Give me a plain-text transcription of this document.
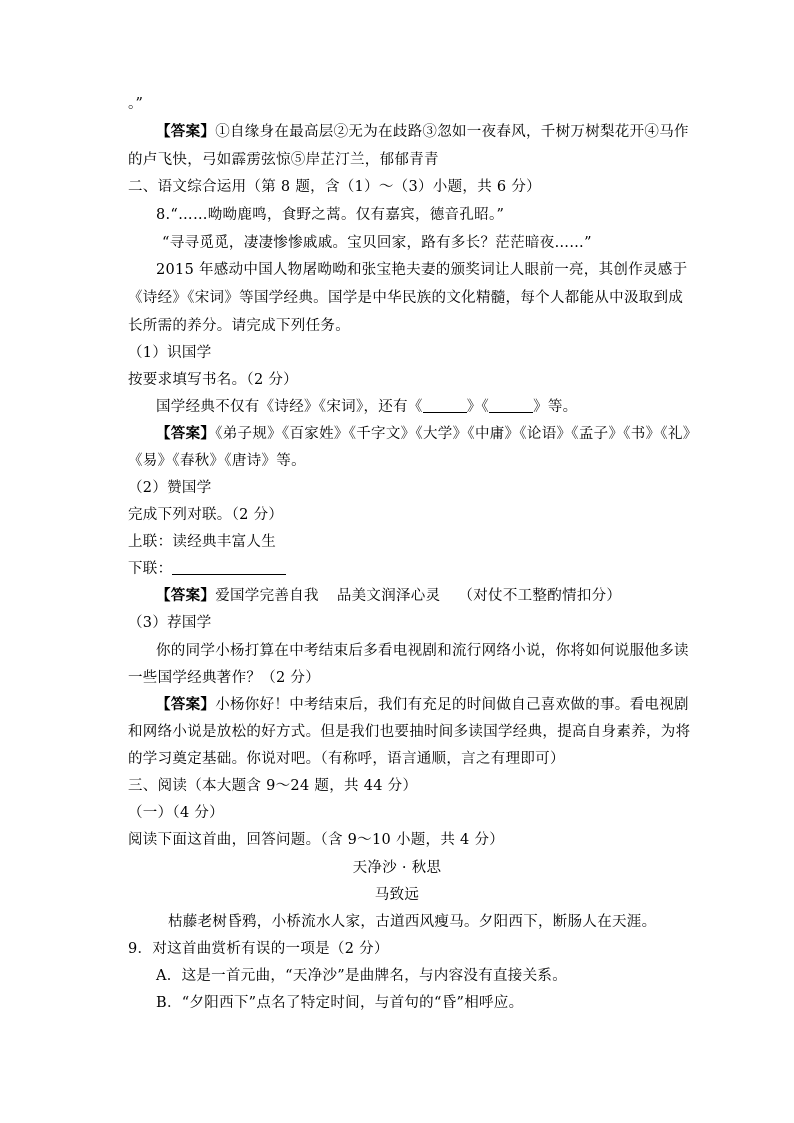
。”
【答案】①自缘身在最高层②无为在歧路③忽如一夜春风，千树万树梨花开④马作
的卢飞快，弓如霹雳弦惊⑤岸芷汀兰，郁郁青青
二、语文综合运用（第 8 题，含（1）～（3）小题，共 6 分）
8.“……呦呦鹿鸣，食野之蒿。仅有嘉宾，德音孔昭。”
“寻寻觅觅，凄凄惨惨戚戚。宝贝回家，路有多长？茫茫暗夜……”
2015 年感动中国人物屠呦呦和张宝艳夫妻的颁奖词让人眼前一亮，其创作灵感于
《诗经》《宋词》等国学经典。国学是中华民族的文化精髓，每个人都能从中汲取到成
长所需的养分。请完成下列任务。
（1）识国学
按要求填写书名。（2 分）
国学经典不仅有《诗经》《宋词》，还有《	》《	》等。
【答案】《弟子规》《百家姓》《千字文》《大学》《中庸》《论语》《孟子》《书》《礼》
《易》《春秋》《唐诗》等。
（2）赞国学
完成下列对联。（2 分）
上联：读经典丰富人生
下联：
【答案】爱国学完善自我 品美文润泽心灵 （对仗不工整酌情扣分）
（3）荐国学
你的同学小杨打算在中考结束后多看电视剧和流行网络小说，你将如何说服他多读
一些国学经典著作？（2 分）
【答案】小杨你好！中考结束后，我们有充足的时间做自己喜欢做的事。看电视剧
和网络小说是放松的好方式。但是我们也要抽时间多读国学经典，提高自身素养，为将
的学习奠定基础。你说对吧。（有称呼，语言通顺，言之有理即可）
三、阅读（本大题含 9～24 题，共 44 分）
（一）（4 分）
阅读下面这首曲，回答问题。（含 9～10 小题，共 4 分）
天净沙 · 秋思
马致远
枯藤老树昏鸦，小桥流水人家，古道西风瘦马。夕阳西下，断肠人在天涯。
9．对这首曲赏析有误的一项是（2 分）
A．这是一首元曲，“天净沙”是曲牌名，与内容没有直接关系。
B．“夕阳西下”点名了特定时间，与首句的“昏”相呼应。
